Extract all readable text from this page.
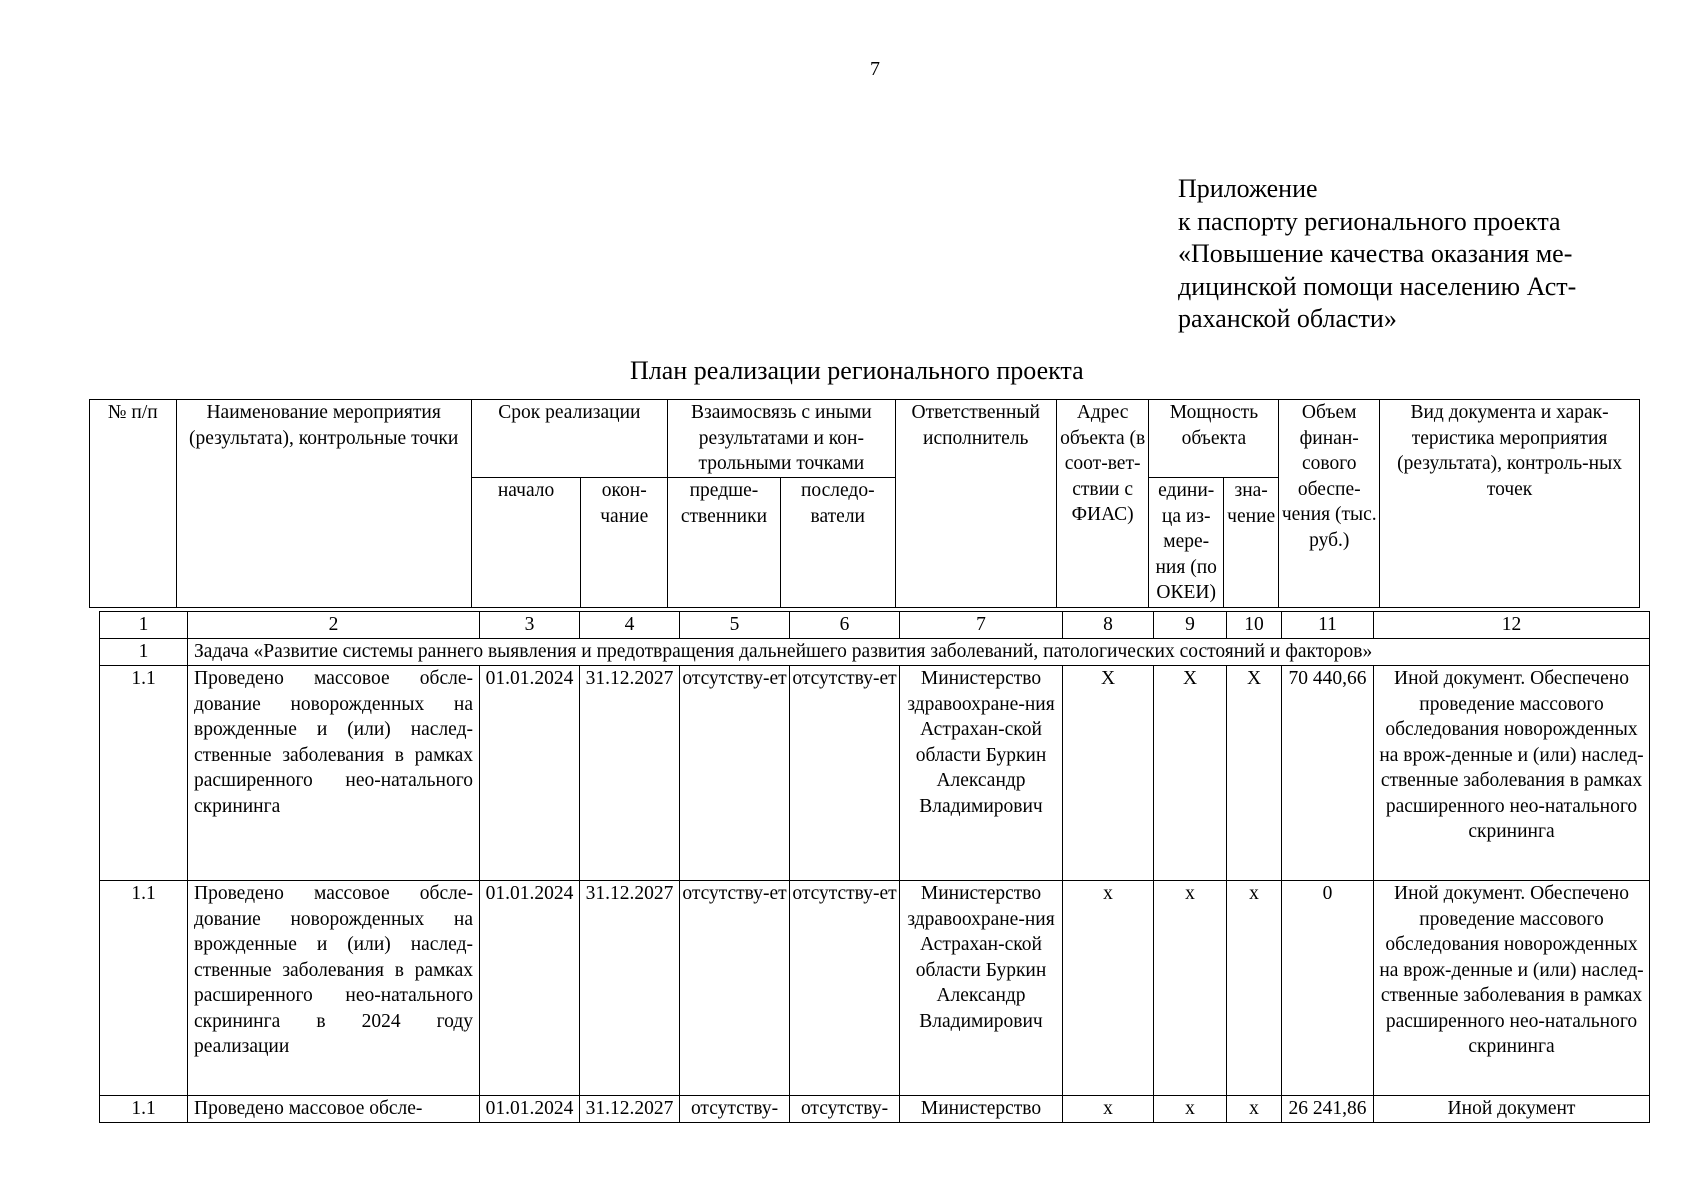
7
Приложение
к паспорту регионального проекта
«Повышение качества оказания ме-
дицинской помощи населению Аст-
раханской области»
План реализации регионального проекта
№ п/п	Наименование мероприятия (результата), контрольные точки	Срок реализации		Взаимосвязь с иными результатами и кон-трольными точками		Ответственный исполнитель	Адрес объекта (в соот-вет-ствии с ФИАС)	Мощность объекта		Объем финан-сового обеспе-чения (тыс. руб.)	Вид документа и харак-теристика мероприятия (результата), контроль-ных точек
		начало	окон-чание	предше-ственники	последо-ватели			едини-ца из-мере-ния (по ОКЕИ)	зна-чение		
1	2	3	4	5	6	7	8	9	10	11	12
1	Задача «Развитие системы раннего выявления и предотвращения дальнейшего развития заболеваний, патологических состояний и факторов»										
1.1	Проведено массовое обсле-дование новорожденных на врожденные и (или) наслед-ственные заболевания в рамках расширенного нео-натального скрининга	01.01.2024	31.12.2027	отсутству-ет	отсутству-ет	Министерство здравоохране-ния Астрахан-ской области Буркин Александр Владимирович	X	X	X	70 440,66	Иной документ. Обеспечено проведение массового обследования новорожденных на врож-денные и (или) наслед-ственные заболевания в рамках расширенного нео-натального скрининга
1.1	Проведено массовое обсле-дование новорожденных на врожденные и (или) наслед-ственные заболевания в рамках расширенного нео-натального скрининга в 2024 году реализации	01.01.2024	31.12.2027	отсутству-ет	отсутству-ет	Министерство здравоохране-ния Астрахан-ской области Буркин Александр Владимирович	x	x	x	0	Иной документ. Обеспечено проведение массового обследования новорожденных на врож-денные и (или) наслед-ственные заболевания в рамках расширенного нео-натального скрининга
1.1	Проведено массовое обсле-	01.01.2024	31.12.2027	отсутству-	отсутству-	Министерство	x	x	x	26 241,86	Иной документ
